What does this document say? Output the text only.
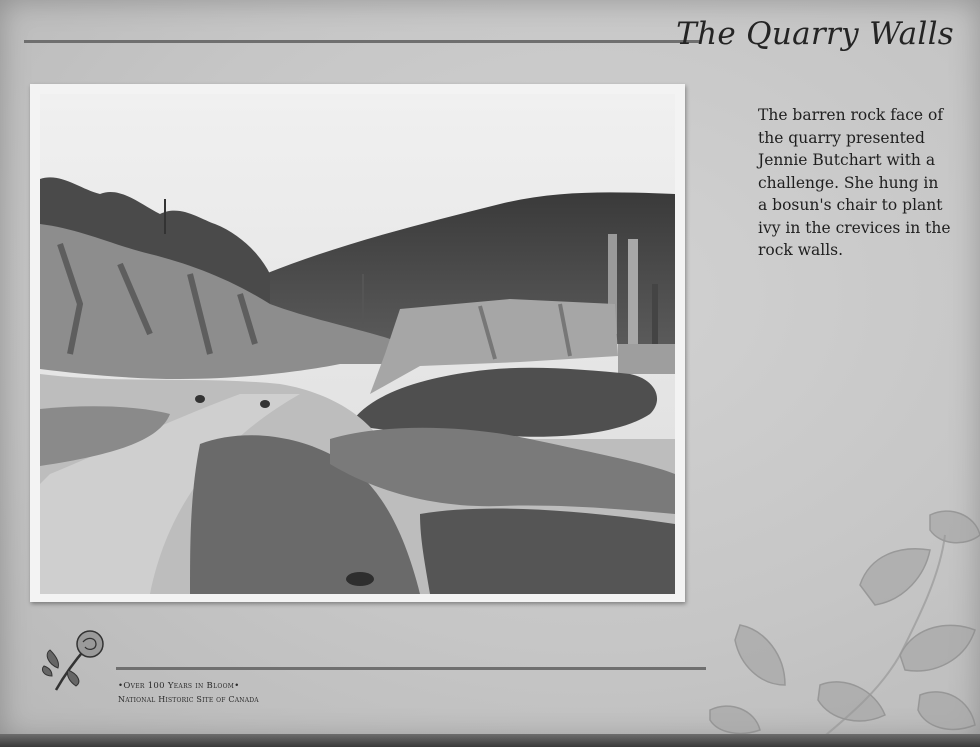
The Quarry Walls
The barren rock face of
the quarry presented
Jennie Butchart with a
challenge. She hung in
a bosun's chair to plant
ivy in the crevices in the
rock walls.
•Over 100 Years in Bloom•
National Historic Site of Canada
